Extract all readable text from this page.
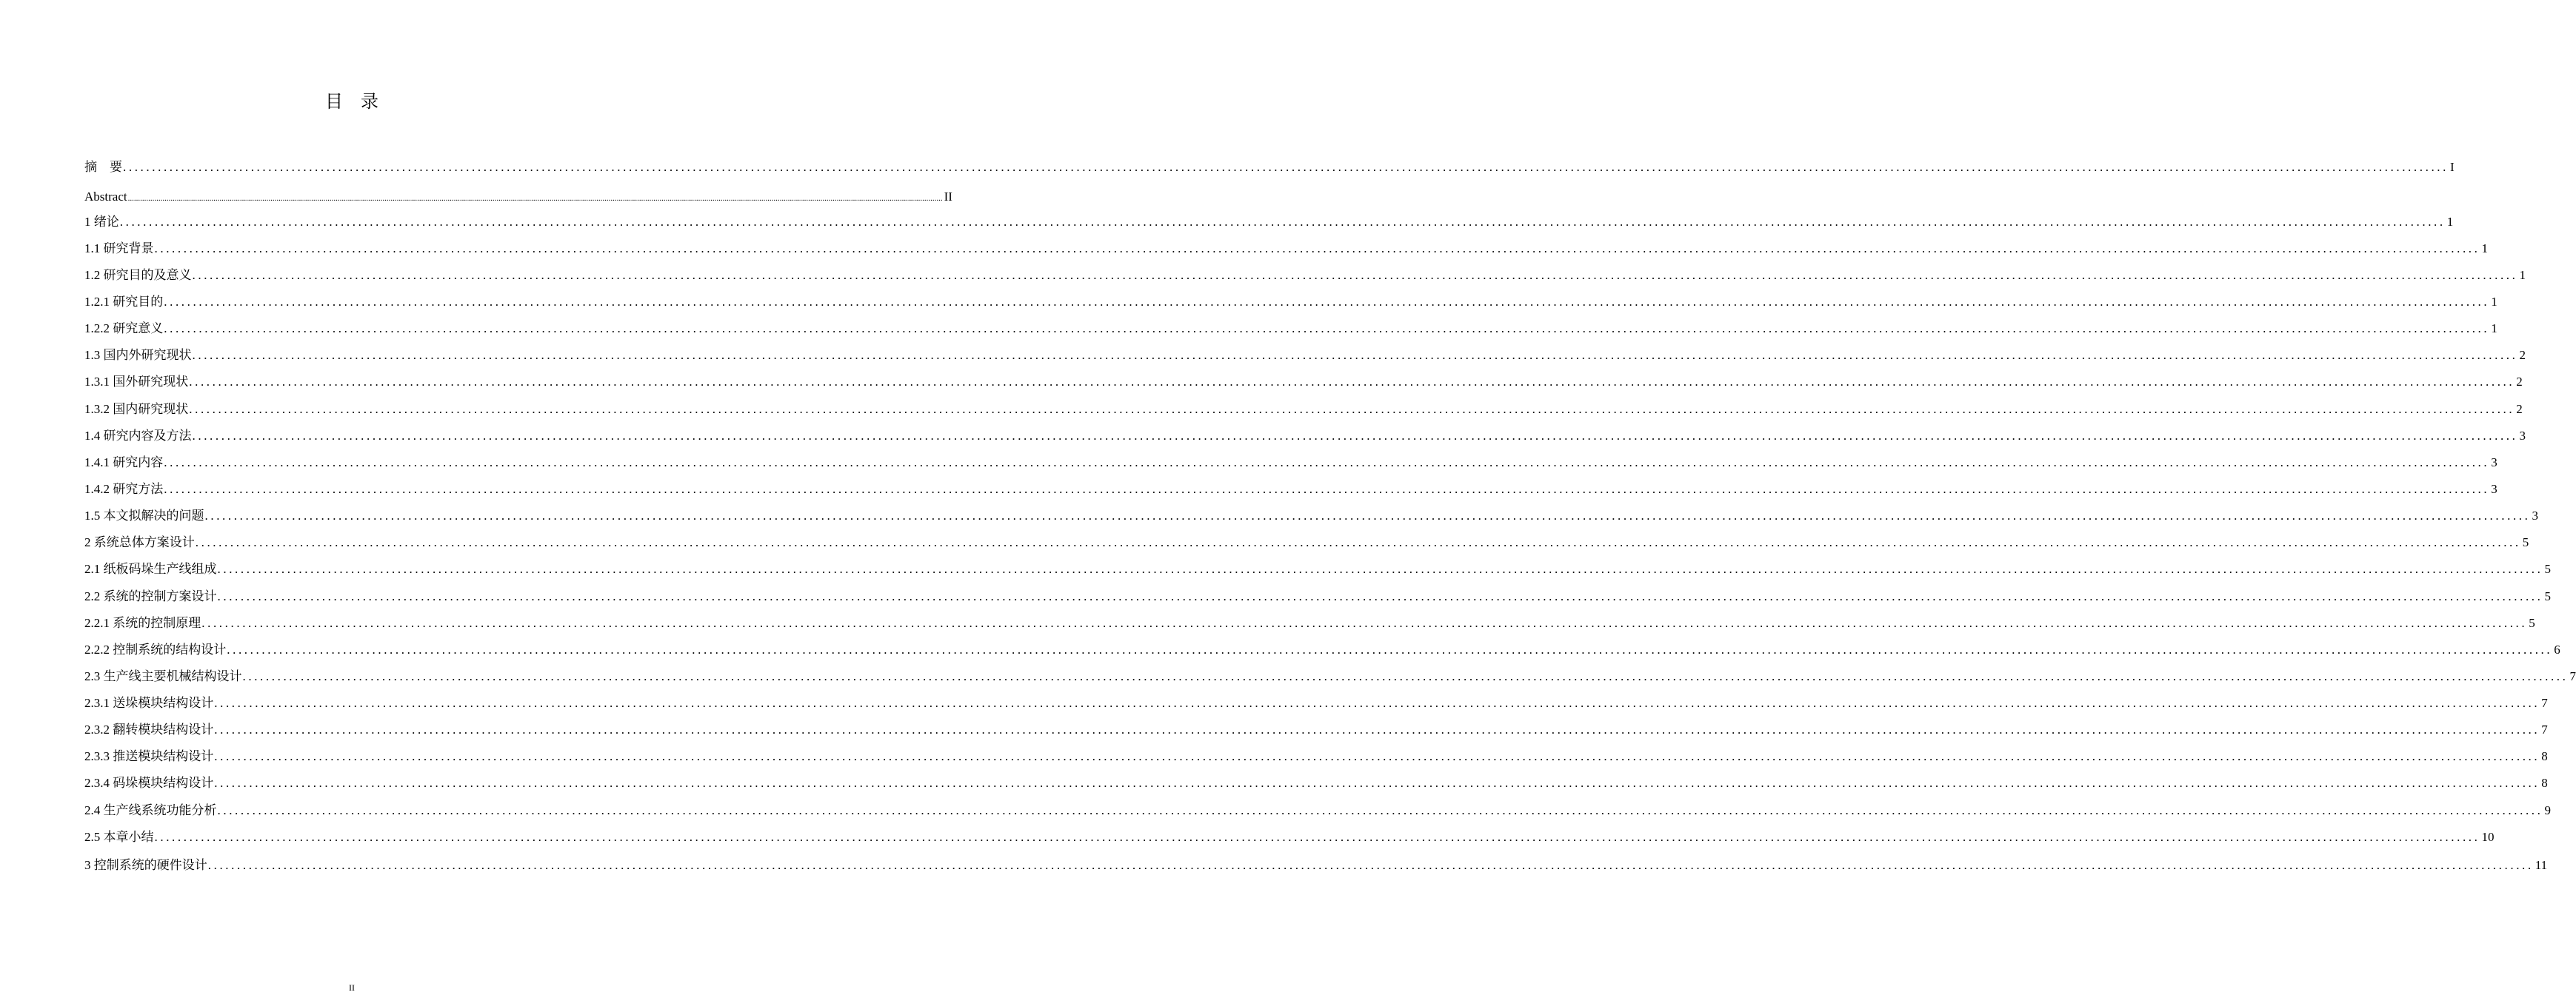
目　录
摘　要 ................................................................................................................................................................................................................................................................................................................................................................................................................ I
Abstract ................................................................................................................................................................................................................................................................................................................................................................................................................ II
1 绪论 ................................................................................................................................................................................................................................................................................................................................................................................................................ 1
1.1 研究背景 ................................................................................................................................................................................................................................................................................................................................................................................................................ 1
1.2 研究目的及意义 ................................................................................................................................................................................................................................................................................................................................................................................................................ 1
1.2.1 研究目的 ................................................................................................................................................................................................................................................................................................................................................................................................................ 1
1.2.2 研究意义 ................................................................................................................................................................................................................................................................................................................................................................................................................ 1
1.3 国内外研究现状 ................................................................................................................................................................................................................................................................................................................................................................................................................ 2
1.3.1 国外研究现状 ................................................................................................................................................................................................................................................................................................................................................................................................................ 2
1.3.2 国内研究现状 ................................................................................................................................................................................................................................................................................................................................................................................................................ 2
1.4 研究内容及方法 ................................................................................................................................................................................................................................................................................................................................................................................................................ 3
1.4.1 研究内容 ................................................................................................................................................................................................................................................................................................................................................................................................................ 3
1.4.2 研究方法 ................................................................................................................................................................................................................................................................................................................................................................................................................ 3
1.5 本文拟解决的问题 ................................................................................................................................................................................................................................................................................................................................................................................................................ 3
2 系统总体方案设计 ................................................................................................................................................................................................................................................................................................................................................................................................................ 5
2.1 纸板码垛生产线组成 ................................................................................................................................................................................................................................................................................................................................................................................................................ 5
2.2 系统的控制方案设计 ................................................................................................................................................................................................................................................................................................................................................................................................................ 5
2.2.1 系统的控制原理 ................................................................................................................................................................................................................................................................................................................................................................................................................ 5
2.2.2 控制系统的结构设计 ................................................................................................................................................................................................................................................................................................................................................................................................................ 6
2.3 生产线主要机械结构设计 ................................................................................................................................................................................................................................................................................................................................................................................................................ 7
2.3.1 送垛模块结构设计 ................................................................................................................................................................................................................................................................................................................................................................................................................ 7
2.3.2 翻转模块结构设计 ................................................................................................................................................................................................................................................................................................................................................................................................................ 7
2.3.3 推送模块结构设计 ................................................................................................................................................................................................................................................................................................................................................................................................................ 8
2.3.4 码垛模块结构设计 ................................................................................................................................................................................................................................................................................................................................................................................................................ 8
2.4 生产线系统功能分析 ................................................................................................................................................................................................................................................................................................................................................................................................................ 9
2.5 本章小结 ................................................................................................................................................................................................................................................................................................................................................................................................................ 10
3 控制系统的硬件设计 ................................................................................................................................................................................................................................................................................................................................................................................................................ 11
II
